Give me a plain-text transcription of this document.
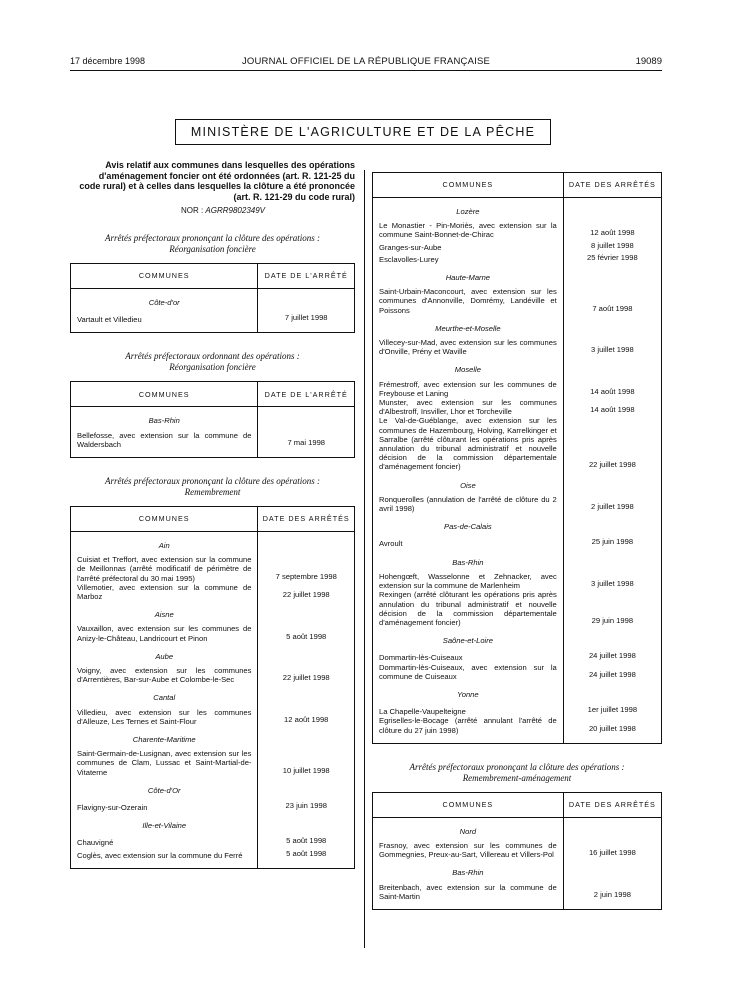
17 décembre 1998	JOURNAL OFFICIEL DE LA RÉPUBLIQUE FRANÇAISE	19089
MINISTÈRE DE L'AGRICULTURE ET DE LA PÊCHE
Avis relatif aux communes dans lesquelles des opérations d'aménagement foncier ont été ordonnées (art. R. 121-25 du code rural) et à celles dans lesquelles la clôture a été prononcée (art. R. 121-29 du code rural)
NOR : AGRR9802349V
Arrêtés préfectoraux prononçant la clôture des opérations :
Réorganisation foncière
COMMUNES	DATE DE L'ARRÊTÉ
Côte-d'or	
Vartault et Villedieu	7 juillet 1998

Arrêtés préfectoraux ordonnant des opérations :
Réorganisation foncière
COMMUNES	DATE DE L'ARRÊTÉ
Bas-Rhin	
Bellefosse, avec extension sur la commune de Waldersbach	7 mai 1998

Arrêtés préfectoraux prononçant la clôture des opérations :
Remembrement
COMMUNES	DATE DES ARRÊTÉS
Ain	
Cuisiat et Treffort, avec extension sur la commune de Meillonnas (arrêté modificatif de périmètre de l'arrêté préfectoral du 30 mai 1995)	7 septembre 1998
Villemotier, avec extension sur la commune de Marboz	22 juillet 1998
Aisne	
Vauxaillon, avec extension sur les communes de Anizy-le-Château, Landricourt et Pinon	5 août 1998
Aube	
Voigny, avec extension sur les communes d'Arrentières, Bar-sur-Aube et Colombe-le-Sec	22 juillet 1998
Cantal	
Villedieu, avec extension sur les communes d'Alleuze, Les Ternes et Saint-Flour	12 août 1998
Charente-Maritime	
Saint-Germain-de-Lusignan, avec extension sur les communes de Clam, Lussac et Saint-Martial-de-Vitaterne	10 juillet 1998
Côte-d'Or	
Flavigny-sur-Ozerain	23 juin 1998
Ille-et-Vilaine	
Chauvigné	5 août 1998
Coglès, avec extension sur la commune du Ferré	5 août 1998

COMMUNES	DATE DES ARRÊTÉS
Lozère	
Le Monastier - Pin-Moriès, avec extension sur la commune Saint-Bonnet-de-Chirac	12 août 1998
Granges-sur-Aube	8 juillet 1998
Esclavolles-Lurey	25 février 1998
Haute-Marne	
Saint-Urbain-Maconcourt, avec extension sur les communes d'Annonville, Domrémy, Landéville et Poissons	7 août 1998
Meurthe-et-Moselle	
Villecey-sur-Mad, avec extension sur les communes d'Onville, Prény et Waville	3 juillet 1998
Moselle	
Frémestroff, avec extension sur les communes de Freybouse et Laning	14 août 1998
Munster, avec extension sur les communes d'Albestroff, Insviller, Lhor et Torcheville	14 août 1998
Le Val-de-Guéblange, avec extension sur les communes de Hazembourg, Holving, Karrelkinger et Sarralbe (arrêté clôturant les opérations pris après annulation du tribunal administratif et nouvelle décision de la commission départementale d'aménagement foncier)	22 juillet 1998
Oise	
Ronquerolles (annulation de l'arrêté de clôture du 2 avril 1998)	2 juillet 1998
Pas-de-Calais	
Avroult	25 juin 1998
Bas-Rhin	
Hohengœft, Wasselonne et Zehnacker, avec extension sur la commune de Marlenheim	3 juillet 1998
Rexingen (arrêté clôturant les opérations pris après annulation du tribunal administratif et nouvelle décision de la commission départementale d'aménagement foncier)	29 juin 1998
Saône-et-Loire	
Dommartin-lès-Cuiseaux	24 juillet 1998
Dommartin-lès-Cuiseaux, avec extension sur la commune de Cuiseaux	24 juillet 1998
Yonne	
La Chapelle-Vaupelteigne	1er juillet 1998
Egriselles-le-Bocage (arrêté annulant l'arrêté de clôture du 27 juin 1998)	20 juillet 1998

Arrêtés préfectoraux prononçant la clôture des opérations :
Remembrement-aménagement
COMMUNES	DATE DES ARRÊTÉS
Nord	
Frasnoy, avec extension sur les communes de Gommegnies, Preux-au-Sart, Villereau et Villers-Pol	16 juillet 1998
Bas-Rhin	
Breitenbach, avec extension sur la commune de Saint-Martin	2 juin 1998
